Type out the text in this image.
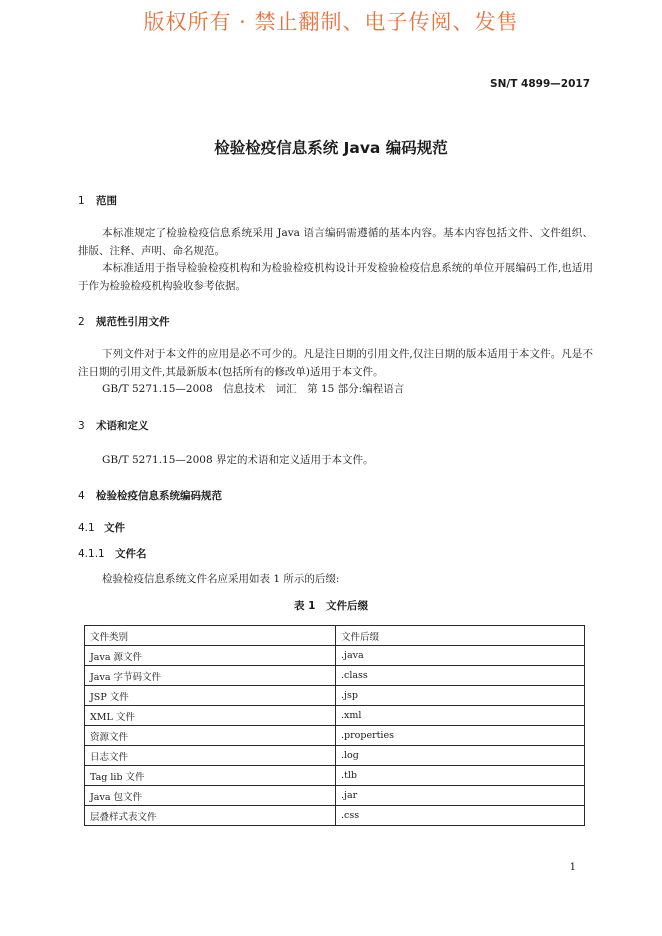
版权所有 · 禁止翻制、电子传阅、发售
SN/T 4899—2017
检验检疫信息系统 Java 编码规范
1 范围
本标准规定了检验检疫信息系统采用 Java 语言编码需遵循的基本内容。基本内容包括文件、文件组织、排版、注释、声明、命名规范。
本标准适用于指导检验检疫机构和为检验检疫机构设计开发检验检疫信息系统的单位开展编码工作,也适用于作为检验检疫机构验收参考依据。
2 规范性引用文件
下列文件对于本文件的应用是必不可少的。凡是注日期的引用文件,仅注日期的版本适用于本文件。凡是不注日期的引用文件,其最新版本(包括所有的修改单)适用于本文件。
GB/T 5271.15—2008　信息技术　词汇　第 15 部分:编程语言
3 术语和定义
GB/T 5271.15—2008 界定的术语和定义适用于本文件。
4 检验检疫信息系统编码规范
4.1 文件
4.1.1 文件名
检验检疫信息系统文件名应采用如表 1 所示的后缀:
表 1　文件后缀
文件类别	文件后缀
Java 源文件	.java
Java 字节码文件	.class
JSP 文件	.jsp
XML 文件	.xml
资源文件	.properties
日志文件	.log
Tag lib 文件	.tlb
Java 包文件	.jar
层叠样式表文件	.css
1
